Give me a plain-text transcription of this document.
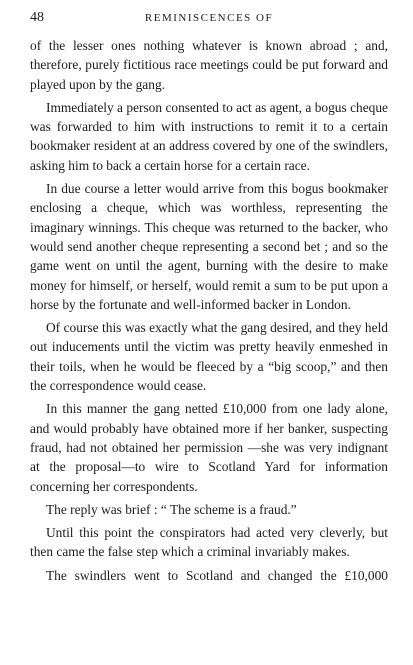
48	REMINISCENCES OF

of the lesser ones nothing whatever is known abroad ; and, therefore, purely fictitious race meetings could be put forward and played upon by the gang.

Immediately a person consented to act as agent, a bogus cheque was forwarded to him with instructions to remit it to a certain bookmaker resident at an address covered by one of the swindlers, asking him to back a certain horse for a certain race.

In due course a letter would arrive from this bogus bookmaker enclosing a cheque, which was worthless, representing the imaginary winnings. This cheque was returned to the backer, who would send another cheque representing a second bet ; and so the game went on until the agent, burning with the desire to make money for himself, or herself, would remit a sum to be put upon a horse by the fortunate and well-informed backer in London.

Of course this was exactly what the gang desired, and they held out inducements until the victim was pretty heavily enmeshed in their toils, when he would be fleeced by a “big scoop,” and then the correspondence would cease.

In this manner the gang netted £10,000 from one lady alone, and would probably have obtained more if her banker, suspecting fraud, had not obtained her permission —she was very indignant at the proposal—to wire to Scotland Yard for information concerning her correspondents.

The reply was brief : “ The scheme is a fraud.”

Until this point the conspirators had acted very cleverly, but then came the false step which a criminal invariably makes.

The swindlers went to Scotland and changed the £10,000
